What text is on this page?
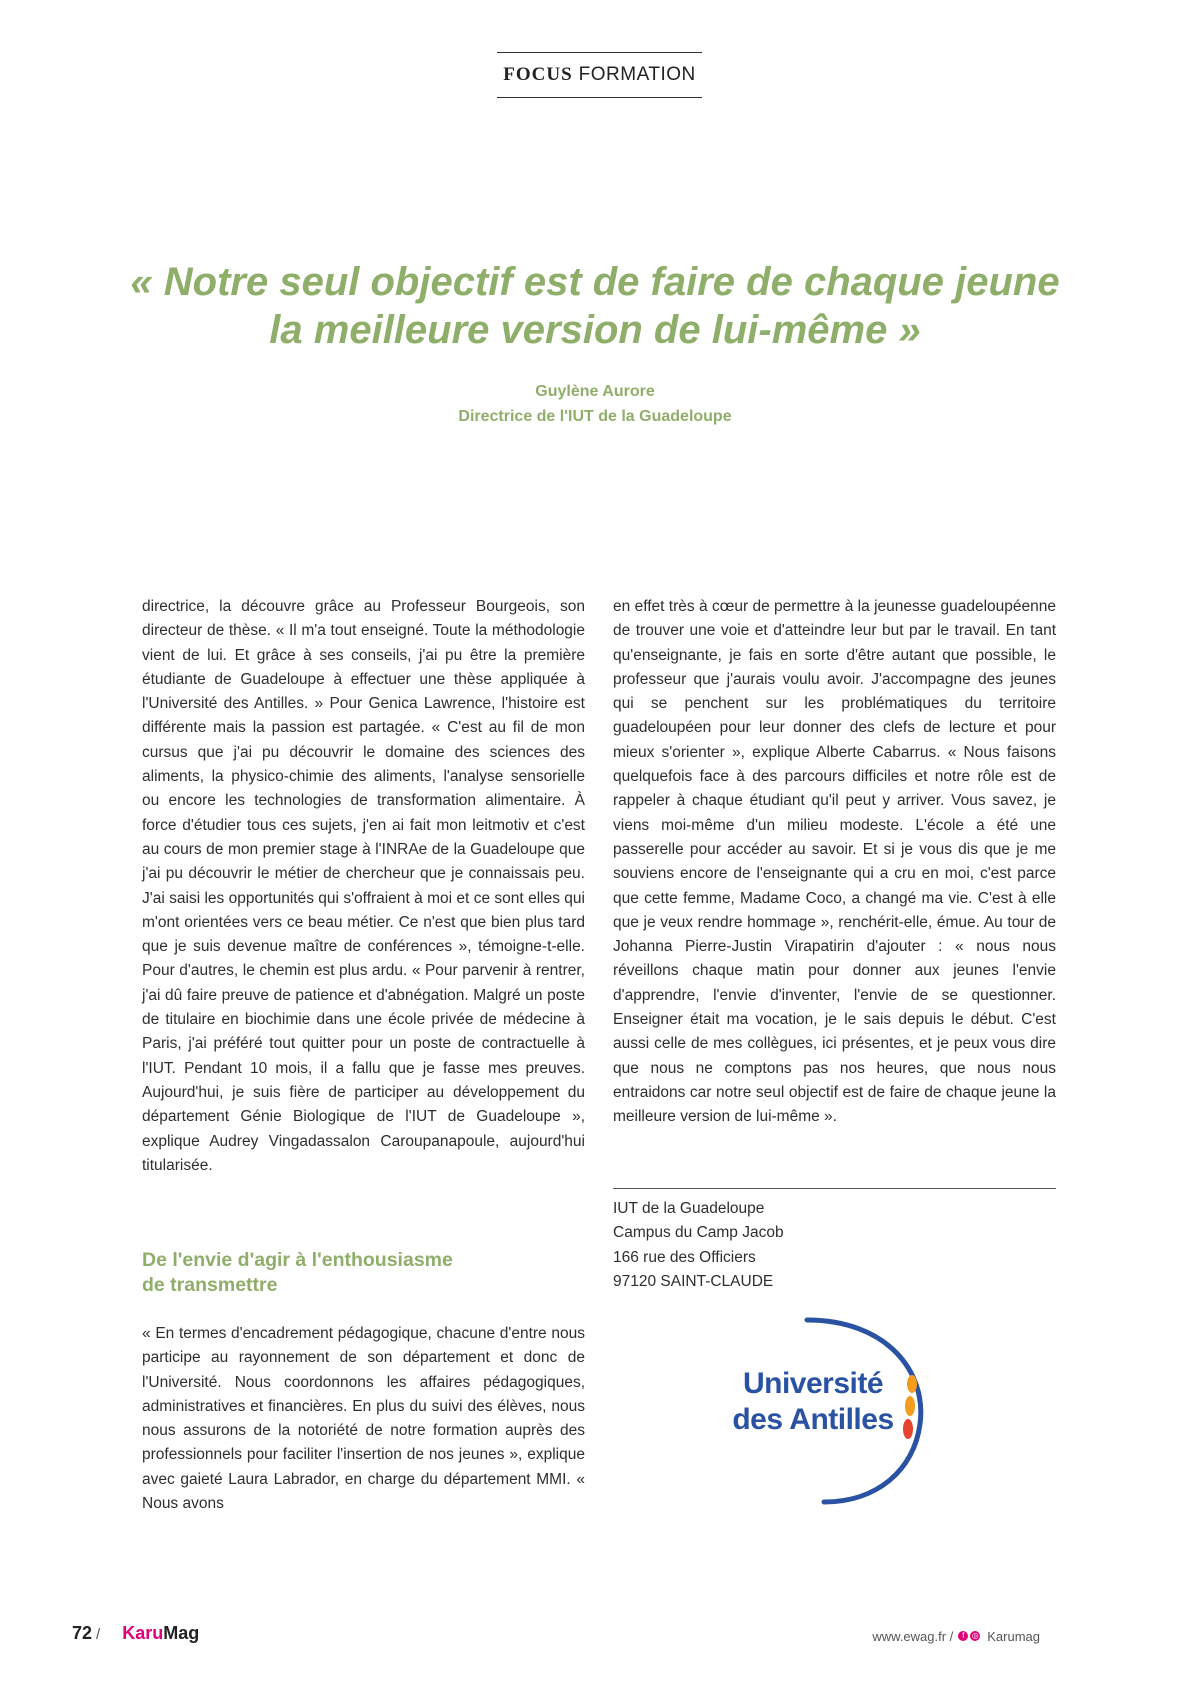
FOCUS FORMATION
« Notre seul objectif est de faire de chaque jeune
la meilleure version de lui-même »
Guylène Aurore
Directrice de l'IUT de la Guadeloupe

directrice, la découvre grâce au Professeur Bourgeois, son directeur de thèse. « Il m'a tout enseigné. Toute la méthodologie vient de lui. Et grâce à ses conseils, j'ai pu être la première étudiante de Guadeloupe à effectuer une thèse appliquée à l'Université des Antilles. » Pour Genica Lawrence, l'histoire est différente mais la passion est partagée. « C'est au fil de mon cursus que j'ai pu découvrir le domaine des sciences des aliments, la physico-chimie des aliments, l'analyse sensorielle ou encore les technologies de transformation alimentaire. À force d'étudier tous ces sujets, j'en ai fait mon leitmotiv et c'est au cours de mon premier stage à l'INRAe de la Guadeloupe que j'ai pu découvrir le métier de chercheur que je connaissais peu. J'ai saisi les opportunités qui s'offraient à moi et ce sont elles qui m'ont orientées vers ce beau métier. Ce n'est que bien plus tard que je suis devenue maître de conférences », témoigne-t-elle. Pour d'autres, le chemin est plus ardu. « Pour parvenir à rentrer, j'ai dû faire preuve de patience et d'abnégation. Malgré un poste de titulaire en biochimie dans une école privée de médecine à Paris, j'ai préféré tout quitter pour un poste de contractuelle à l'IUT. Pendant 10 mois, il a fallu que je fasse mes preuves. Aujourd'hui, je suis fière de participer au développement du département Génie Biologique de l'IUT de Guadeloupe », explique Audrey Vingadassalon Caroupanapoule, aujourd'hui titularisée.

De l'envie d'agir à l'enthousiasme
de transmettre

« En termes d'encadrement pédagogique, chacune d'entre nous participe au rayonnement de son département et donc de l'Université. Nous coordonnons les affaires pédagogiques, administratives et financières. En plus du suivi des élèves, nous nous assurons de la notoriété de notre formation auprès des professionnels pour faciliter l'insertion de nos jeunes », explique avec gaieté Laura Labrador, en charge du département MMI. « Nous avons

en effet très à cœur de permettre à la jeunesse guadeloupéenne de trouver une voie et d'atteindre leur but par le travail. En tant qu'enseignante, je fais en sorte d'être autant que possible, le professeur que j'aurais voulu avoir. J'accompagne des jeunes qui se penchent sur les problématiques du territoire guadeloupéen pour leur donner des clefs de lecture et pour mieux s'orienter », explique Alberte Cabarrus. « Nous faisons quelquefois face à des parcours difficiles et notre rôle est de rappeler à chaque étudiant qu'il peut y arriver. Vous savez, je viens moi-même d'un milieu modeste. L'école a été une passerelle pour accéder au savoir. Et si je vous dis que je me souviens encore de l'enseignante qui a cru en moi, c'est parce que cette femme, Madame Coco, a changé ma vie. C'est à elle que je veux rendre hommage », renchérit-elle, émue. Au tour de Johanna Pierre-Justin Virapatirin d'ajouter : « nous nous réveillons chaque matin pour donner aux jeunes l'envie d'apprendre, l'envie d'inventer, l'envie de se questionner. Enseigner était ma vocation, je le sais depuis le début. C'est aussi celle de mes collègues, ici présentes, et je peux vous dire que nous ne comptons pas nos heures, que nous nous entraidons car notre seul objectif est de faire de chaque jeune la meilleure version de lui-même ».

IUT de la Guadeloupe
Campus du Camp Jacob
166 rue des Officiers
97120 SAINT-CLAUDE
Université
des Antilles
72 / Karu Mag	www.ewag.fr /	f ◎ Karumag
